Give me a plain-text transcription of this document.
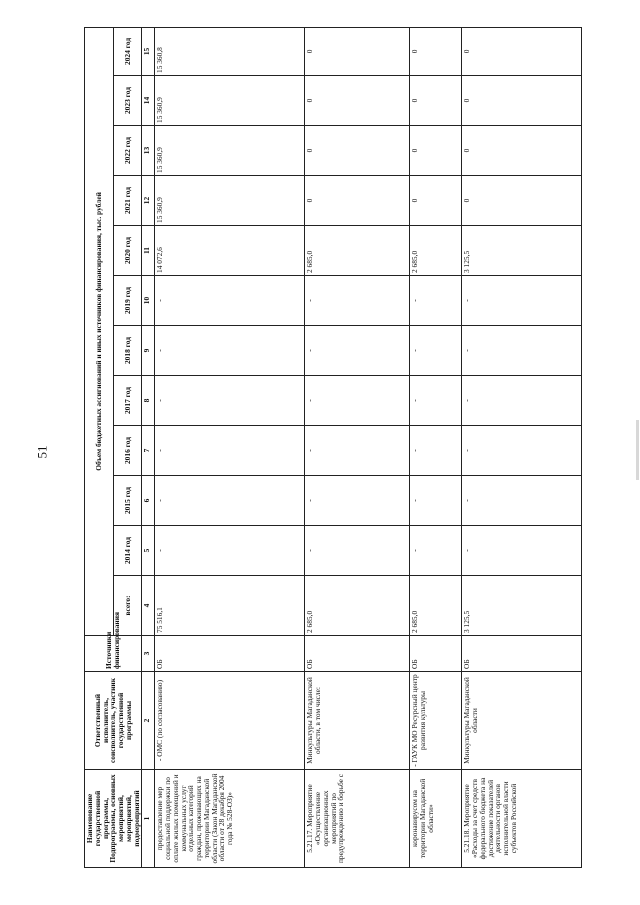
51
Наименование государственной программы, Подпрограммы, основных мероприятий, мероприятий, подмероприятий	Ответственный исполнитель, соисполнитель, участник государственной программы	Источники финансирования	Объем бюджетных ассигнований и иных источников финансирования, тыс. рублей											
			всего:	2014 год	2015 год	2016 год	2017 год	2018 год	2019 год	2020 год	2021 год	2022 год	2023 год	2024 год
1	2	3	4	5	6	7	8	9	10	11	12	13	14	15
предоставление мер социальной поддержки по оплате жилых помещений и коммунальных услуг отдельных категорий граждан, проживающих на территории Магаданской области (Закон Магаданской области от 28 декабря 2004 года № 528-ОЗ)»	- ОМС (по согласованию)	ОБ	75 516,1	-	-	-	-	-	-	14 072,6	15 360,9	15 360,9	15 360,9	15 360,8
5.21.17. Мероприятие «Осуществление организационных мероприятий по предупреждению и борьбе с	Минкультуры Магаданской области, в том числе:	ОБ	2 685,0	-	-	-	-	-	-	2 685,0	0	0	0	0
коронавирусом на территории Магаданской области»	- ГАУК МО Ресурсный центр развития культуры	ОБ	2 685,0	-	-	-	-	-	-	2 685,0	0	0	0	0
5.21.18. Мероприятие «Расходы за счет средств федерального бюджета на достижение показателей деятельности органов исполнительной власти субъектов Российской	Минкультуры Магаданской области	ОБ	3 125,5	-	-	-	-	-	-	3 125,5	0	0	0	0
